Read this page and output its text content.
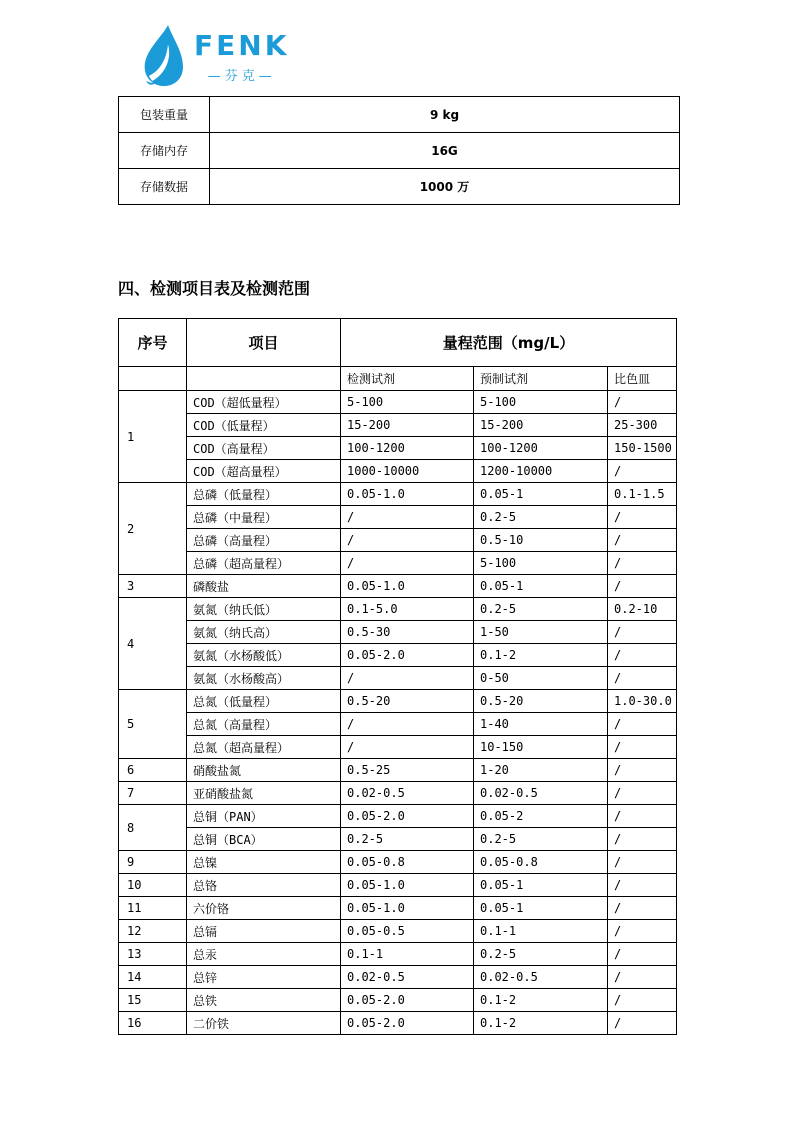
FENK
—芬克—
包装重量	9 kg
存储内存	16G
存储数据	1000 万
四、检测项目表及检测范围
序号	项目	量程范围（mg/L）		
		检测试剂	预制试剂	比色皿
1	COD（超低量程）	5-100	5-100	/
	COD（低量程）	15-200	15-200	25-300
	COD（高量程）	100-1200	100-1200	150-1500
	COD（超高量程）	1000-10000	1200-10000	/
2	总磷（低量程）	0.05-1.0	0.05-1	0.1-1.5
	总磷（中量程）	/	0.2-5	/
	总磷（高量程）	/	0.5-10	/
	总磷（超高量程）	/	5-100	/
3	磷酸盐	0.05-1.0	0.05-1	/
4	氨氮（纳氏低）	0.1-5.0	0.2-5	0.2-10
	氨氮（纳氏高）	0.5-30	1-50	/
	氨氮（水杨酸低）	0.05-2.0	0.1-2	/
	氨氮（水杨酸高）	/	0-50	/
5	总氮（低量程）	0.5-20	0.5-20	1.0-30.0
	总氮（高量程）	/	1-40	/
	总氮（超高量程）	/	10-150	/
6	硝酸盐氮	0.5-25	1-20	/
7	亚硝酸盐氮	0.02-0.5	0.02-0.5	/
8	总铜（PAN）	0.05-2.0	0.05-2	/
	总铜（BCA）	0.2-5	0.2-5	/
9	总镍	0.05-0.8	0.05-0.8	/
10	总铬	0.05-1.0	0.05-1	/
11	六价铬	0.05-1.0	0.05-1	/
12	总镉	0.05-0.5	0.1-1	/
13	总汞	0.1-1	0.2-5	/
14	总锌	0.02-0.5	0.02-0.5	/
15	总铁	0.05-2.0	0.1-2	/
16	二价铁	0.05-2.0	0.1-2	/
